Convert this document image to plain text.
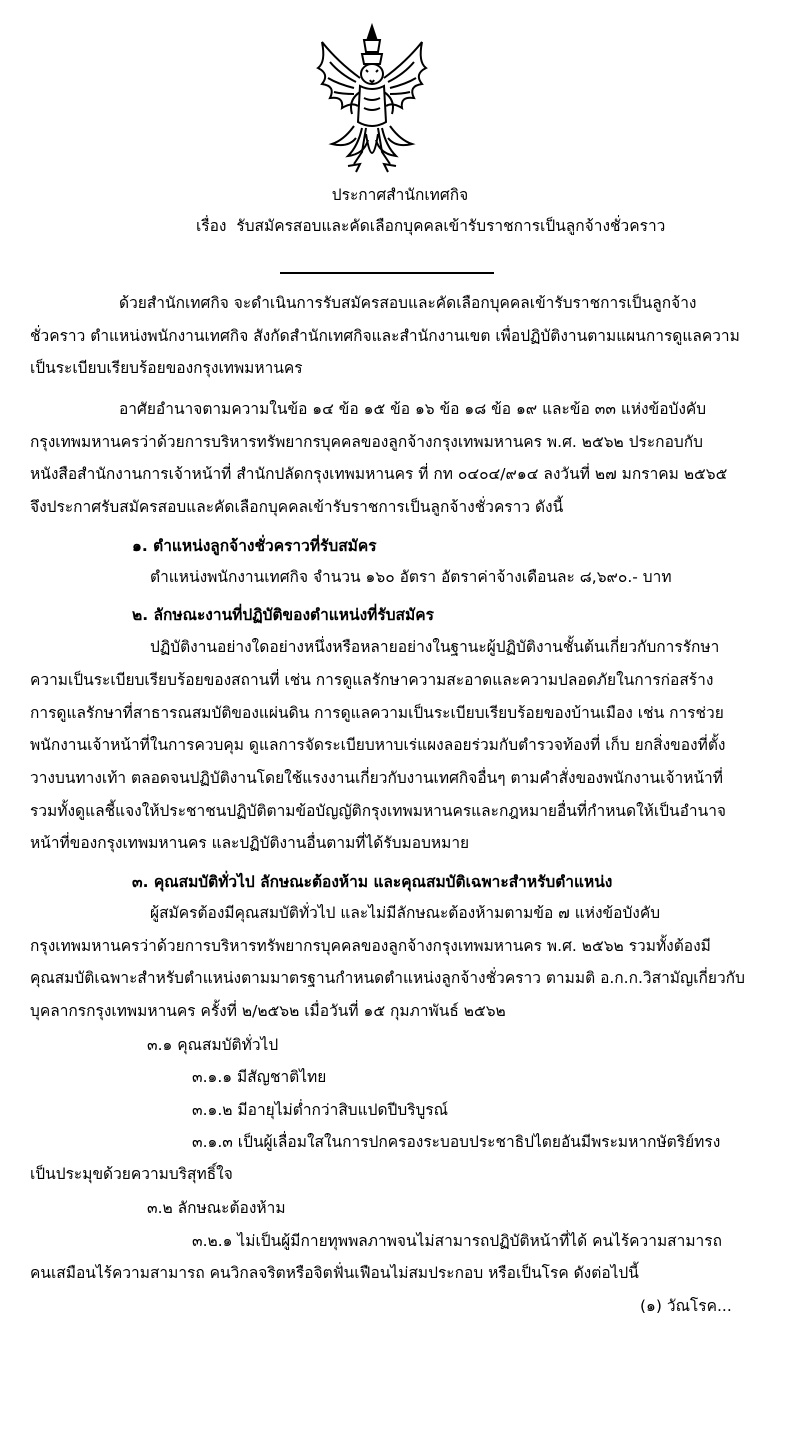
ประกาศสำนักเทศกิจ
เรื่อง รับสมัครสอบและคัดเลือกบุคคลเข้ารับราชการเป็นลูกจ้างชั่วคราว
ด้วยสำนักเทศกิจ จะดำเนินการรับสมัครสอบและคัดเลือกบุคคลเข้ารับราชการเป็นลูกจ้าง
ชั่วคราว ตำแหน่งพนักงานเทศกิจ สังกัดสำนักเทศกิจและสำนักงานเขต เพื่อปฏิบัติงานตามแผนการดูแลความ
เป็นระเบียบเรียบร้อยของกรุงเทพมหานคร
อาศัยอำนาจตามความในข้อ ๑๔ ข้อ ๑๕ ข้อ ๑๖ ข้อ ๑๘ ข้อ ๑๙ และข้อ ๓๓ แห่งข้อบังคับ
กรุงเทพมหานครว่าด้วยการบริหารทรัพยากรบุคคลของลูกจ้างกรุงเทพมหานคร พ.ศ. ๒๕๖๒ ประกอบกับ
หนังสือสำนักงานการเจ้าหน้าที่ สำนักปลัดกรุงเทพมหานคร ที่ กท ๐๔๐๔/๙๑๔ ลงวันที่ ๒๗ มกราคม ๒๕๖๕
จึงประกาศรับสมัครสอบและคัดเลือกบุคคลเข้ารับราชการเป็นลูกจ้างชั่วคราว ดังนี้
๑. ตำแหน่งลูกจ้างชั่วคราวที่รับสมัคร
ตำแหน่งพนักงานเทศกิจ จำนวน ๑๖๐ อัตรา อัตราค่าจ้างเดือนละ ๘,๖๙๐.- บาท
๒. ลักษณะงานที่ปฏิบัติของตำแหน่งที่รับสมัคร
ปฏิบัติงานอย่างใดอย่างหนึ่งหรือหลายอย่างในฐานะผู้ปฏิบัติงานชั้นต้นเกี่ยวกับการรักษา
ความเป็นระเบียบเรียบร้อยของสถานที่ เช่น การดูแลรักษาความสะอาดและความปลอดภัยในการก่อสร้าง
การดูแลรักษาที่สาธารณสมบัติของแผ่นดิน การดูแลความเป็นระเบียบเรียบร้อยของบ้านเมือง เช่น การช่วย
พนักงานเจ้าหน้าที่ในการควบคุม ดูแลการจัดระเบียบหาบเร่แผงลอยร่วมกับตำรวจท้องที่ เก็บ ยกสิ่งของที่ตั้ง
วางบนทางเท้า ตลอดจนปฏิบัติงานโดยใช้แรงงานเกี่ยวกับงานเทศกิจอื่นๆ ตามคำสั่งของพนักงานเจ้าหน้าที่
รวมทั้งดูแลชี้แจงให้ประชาชนปฏิบัติตามข้อบัญญัติกรุงเทพมหานครและกฎหมายอื่นที่กำหนดให้เป็นอำนาจ
หน้าที่ของกรุงเทพมหานคร และปฏิบัติงานอื่นตามที่ได้รับมอบหมาย
๓. คุณสมบัติทั่วไป ลักษณะต้องห้าม และคุณสมบัติเฉพาะสำหรับตำแหน่ง
ผู้สมัครต้องมีคุณสมบัติทั่วไป และไม่มีลักษณะต้องห้ามตามข้อ ๗ แห่งข้อบังคับ
กรุงเทพมหานครว่าด้วยการบริหารทรัพยากรบุคคลของลูกจ้างกรุงเทพมหานคร พ.ศ. ๒๕๖๒ รวมทั้งต้องมี
คุณสมบัติเฉพาะสำหรับตำแหน่งตามมาตรฐานกำหนดตำแหน่งลูกจ้างชั่วคราว ตามมติ อ.ก.ก.วิสามัญเกี่ยวกับ
บุคลากรกรุงเทพมหานคร ครั้งที่ ๒/๒๕๖๒ เมื่อวันที่ ๑๕ กุมภาพันธ์ ๒๕๖๒
๓.๑ คุณสมบัติทั่วไป
๓.๑.๑ มีสัญชาติไทย
๓.๑.๒ มีอายุไม่ต่ำกว่าสิบแปดปีบริบูรณ์
๓.๑.๓ เป็นผู้เลื่อมใสในการปกครองระบอบประชาธิปไตยอันมีพระมหากษัตริย์ทรง
เป็นประมุขด้วยความบริสุทธิ์ใจ
๓.๒ ลักษณะต้องห้าม
๓.๒.๑ ไม่เป็นผู้มีกายทุพพลภาพจนไม่สามารถปฏิบัติหน้าที่ได้ คนไร้ความสามารถ
คนเสมือนไร้ความสามารถ คนวิกลจริตหรือจิตฟั่นเฟือนไม่สมประกอบ หรือเป็นโรค ดังต่อไปนี้
(๑) วัณโรค...
